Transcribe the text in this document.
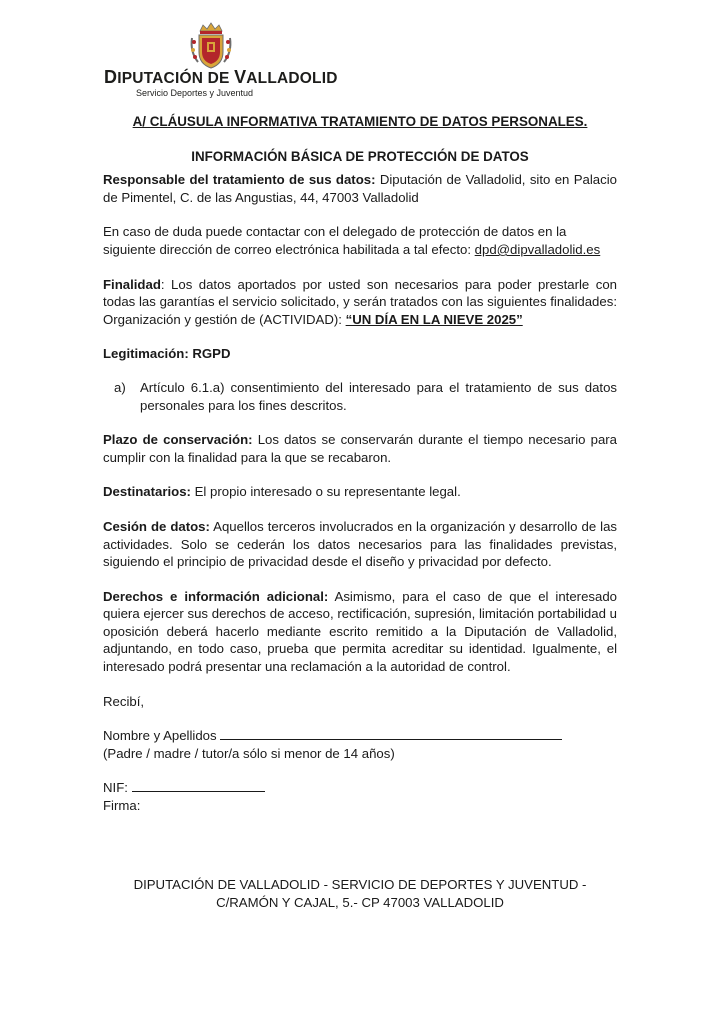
DIPUTACIÓN DE VALLADOLID
Servicio Deportes y Juventud
A/ CLÁUSULA INFORMATIVA TRATAMIENTO DE DATOS PERSONALES.
INFORMACIÓN BÁSICA DE PROTECCIÓN DE DATOS

Responsable del tratamiento de sus datos: Diputación de Valladolid, sito en Palacio de Pimentel, C. de las Angustias, 44, 47003 Valladolid

En caso de duda puede contactar con el delegado de protección de datos en la siguiente dirección de correo electrónica habilitada a tal efecto: dpd@dipvalladolid.es

Finalidad: Los datos aportados por usted son necesarios para poder prestarle con todas las garantías el servicio solicitado, y serán tratados con las siguientes finalidades: Organización y gestión de (ACTIVIDAD): “UN DÍA EN LA NIEVE 2025”

Legitimación: RGPD

a)	Artículo 6.1.a) consentimiento del interesado para el tratamiento de sus datos personales para los fines descritos.

Plazo de conservación: Los datos se conservarán durante el tiempo necesario para cumplir con la finalidad para la que se recabaron.

Destinatarios: El propio interesado o su representante legal.

Cesión de datos: Aquellos terceros involucrados en la organización y desarrollo de las actividades. Solo se cederán los datos necesarios para las finalidades previstas, siguiendo el principio de privacidad desde el diseño y privacidad por defecto.

Derechos e información adicional: Asimismo, para el caso de que el interesado quiera ejercer sus derechos de acceso, rectificación, supresión, limitación portabilidad u oposición deberá hacerlo mediante escrito remitido a la Diputación de Valladolid, adjuntando, en todo caso, prueba que permita acreditar su identidad. Igualmente, el interesado podrá presentar una reclamación a la autoridad de control.

Recibí,

Nombre y Apellidos

(Padre / madre / tutor/a sólo si menor de 14 años)

NIF:

Firma:

DIPUTACIÓN DE VALLADOLID - SERVICIO DE DEPORTES Y JUVENTUD -
C/RAMÓN Y CAJAL, 5.- CP 47003 VALLADOLID
